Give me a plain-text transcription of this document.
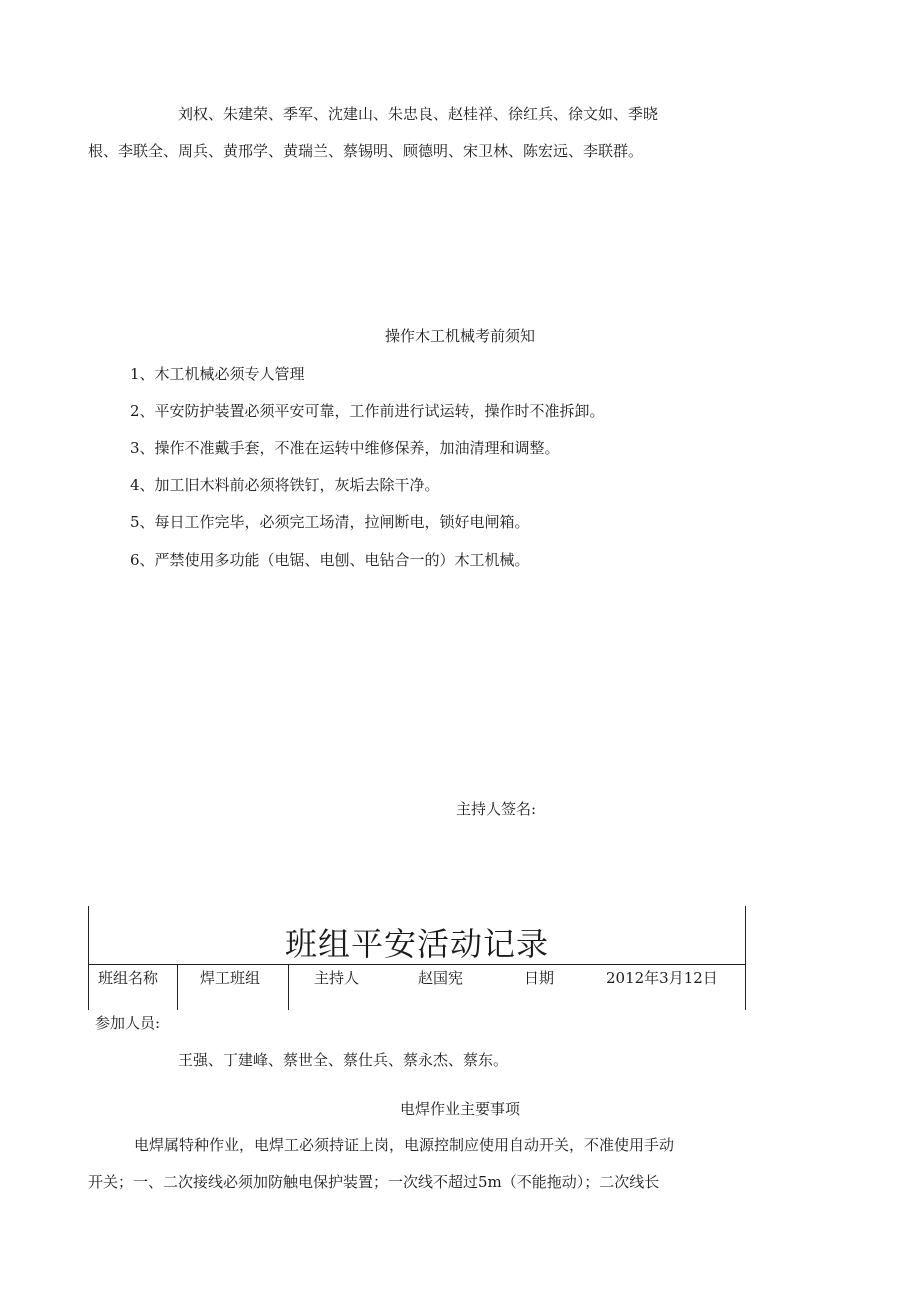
刘权、朱建荣、季军、沈建山、朱忠良、赵桂祥、徐红兵、徐文如、季晓
根、李联全、周兵、黄邢学、黄瑞兰、蔡锡明、顾德明、宋卫林、陈宏远、李联群。
操作木工机械考前须知
1、木工机械必须专人管理
2、平安防护装置必须平安可靠，工作前进行试运转，操作时不准拆卸。
3、操作不准戴手套，不准在运转中维修保养，加油清理和调整。
4、加工旧木料前必须将铁钉，灰垢去除干净。
5、每日工作完毕，必须完工场清，拉闸断电，锁好电闸箱。
6、严禁使用多功能（电锯、电刨、电钻合一的）木工机械。
主持人签名:
班组平安活动记录
班组名称	焊工班组	主持人	赵国宪	日期	2012年3月12日
参加人员:
王强、丁建峰、蔡世全、蔡仕兵、蔡永杰、蔡东。
电焊作业主要事项
电焊属特种作业，电焊工必须持证上岗，电源控制应使用自动开关，不准使用手动
开关；一、二次接线必须加防触电保护装置；一次线不超过5m（不能拖动）；二次线长
